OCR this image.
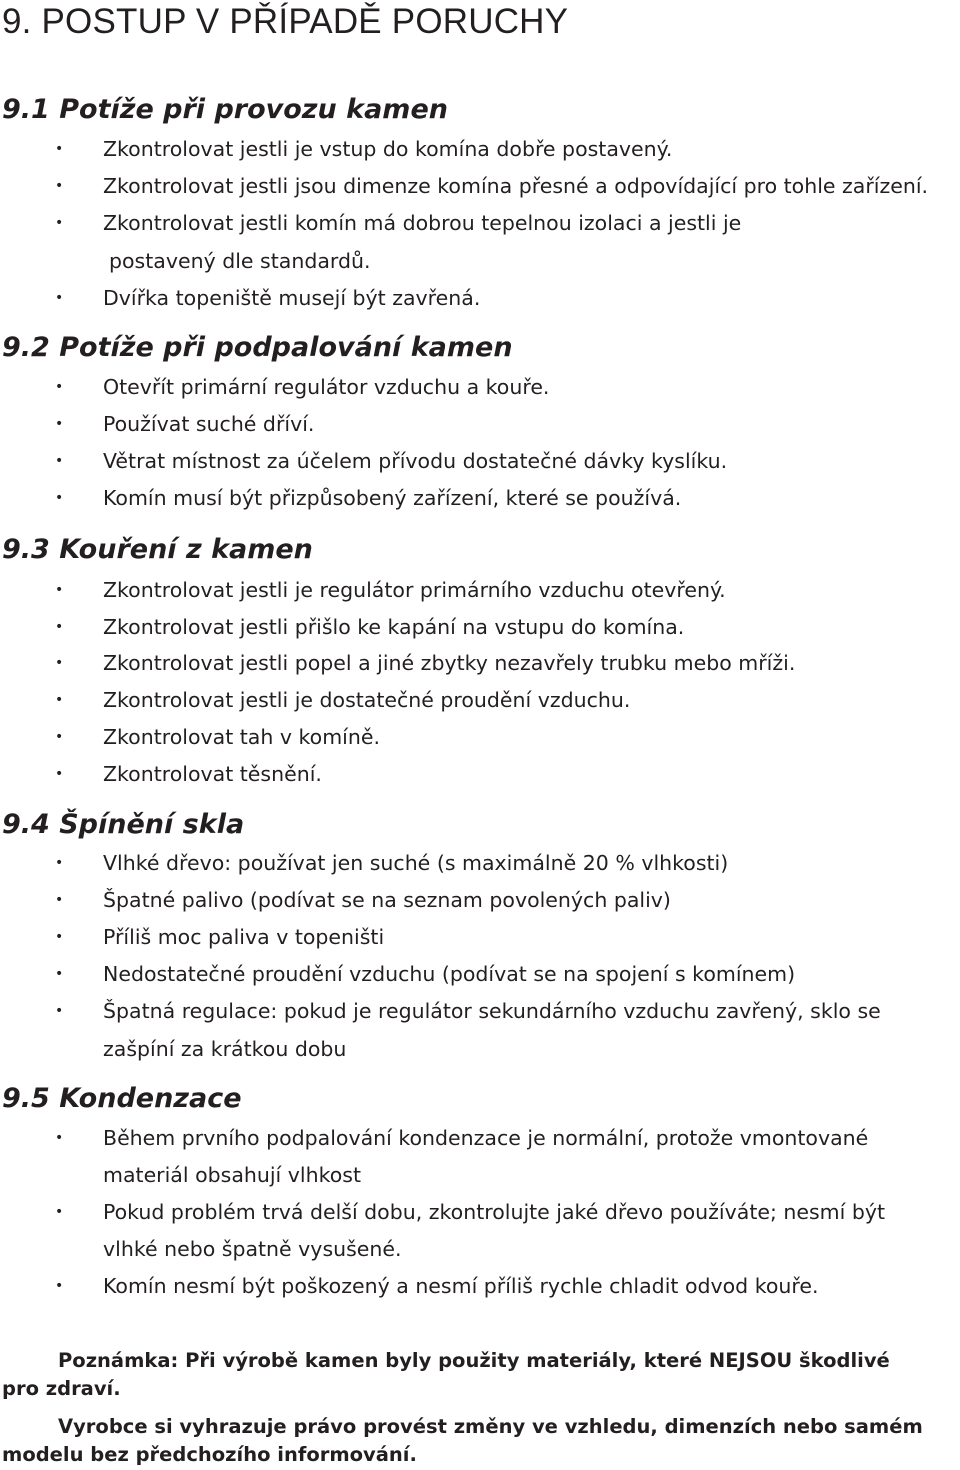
9. POSTUP V PŘÍPADĚ PORUCHY
9.1 Potíže při provozu kamen
• Zkontrolovat jestli je vstup do komína dobře postavený.
• Zkontrolovat jestli jsou dimenze komína přesné a odpovídající pro tohle zařízení.
• Zkontrolovat jestli komín má dobrou tepelnou izolaci a jestli je
postavený dle standardů.
• Dvířka topeniště musejí být zavřená.
9.2 Potíže při podpalování kamen
• Otevřít primární regulátor vzduchu a kouře.
• Používat suché dříví.
• Větrat místnost za účelem přívodu dostatečné dávky kyslíku.
• Komín musí být přizpůsobený zařízení, které se používá.
9.3 Kouření z kamen
• Zkontrolovat jestli je regulátor primárního vzduchu otevřený.
• Zkontrolovat jestli přišlo ke kapání na vstupu do komína.
• Zkontrolovat jestli popel a jiné zbytky nezavřely trubku mebo mříži.
• Zkontrolovat jestli je dostatečné proudění vzduchu.
• Zkontrolovat tah v komíně.
• Zkontrolovat těsnění.
9.4 Špínění skla
• Vlhké dřevo: používat jen suché (s maximálně 20 % vlhkosti)
• Špatné palivo (podívat se na seznam povolených paliv)
• Příliš moc paliva v topeništi
• Nedostatečné proudění vzduchu (podívat se na spojení s komínem)
• Špatná regulace: pokud je regulátor sekundárního vzduchu zavřený, sklo se
zašpíní za krátkou dobu
9.5 Kondenzace
• Během prvního podpalování kondenzace je normální, protože vmontované
materiál obsahují vlhkost
• Pokud problém trvá delší dobu, zkontrolujte jaké dřevo používáte; nesmí být
vlhké nebo špatně vysušené.
• Komín nesmí být poškozený a nesmí příliš rychle chladit odvod kouře.

Poznámka: Při výrobě kamen byly použity materiály, které NEJSOU škodlivé
pro zdraví.

Vyrobce si vyhrazuje právo provést změny ve vzhledu, dimenzích nebo samém
modelu bez předchozího informování.
